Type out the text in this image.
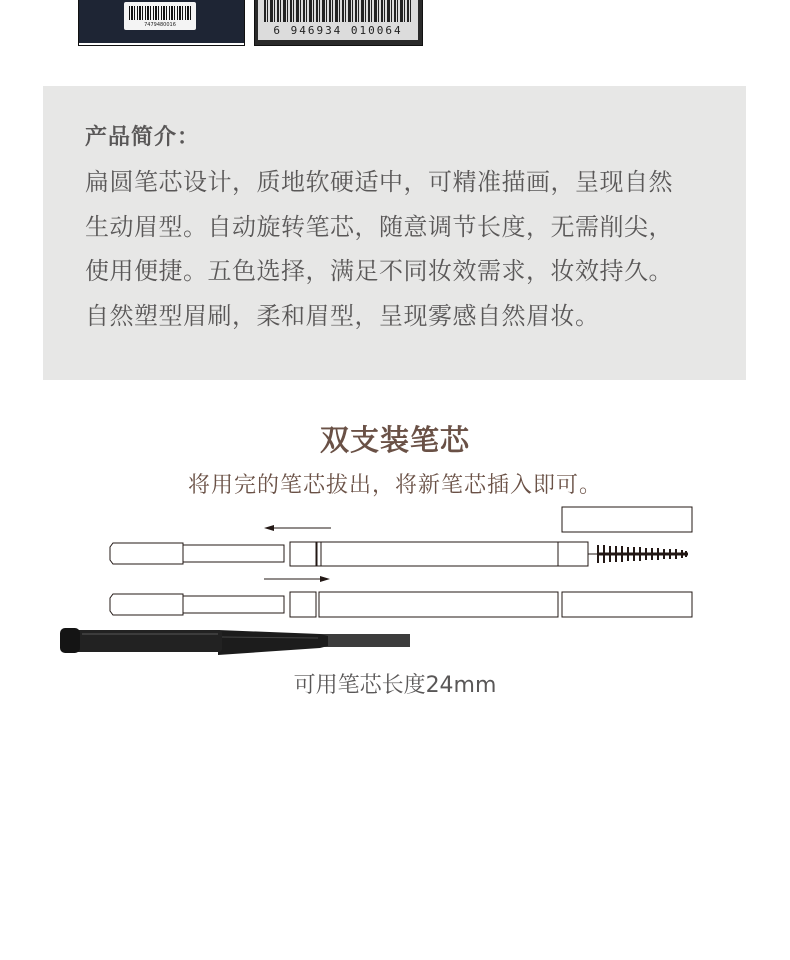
7479480016	6 946934 010064
产品简介：
扁圆笔芯设计，质地软硬适中，可精准描画，呈现自然
生动眉型。自动旋转笔芯，随意调节长度，无需削尖，
使用便捷。五色选择，满足不同妆效需求，妆效持久。
自然塑型眉刷，柔和眉型，呈现雾感自然眉妆。
双支装笔芯
将用完的笔芯拔出，将新笔芯插入即可。
可用笔芯长度24mm
